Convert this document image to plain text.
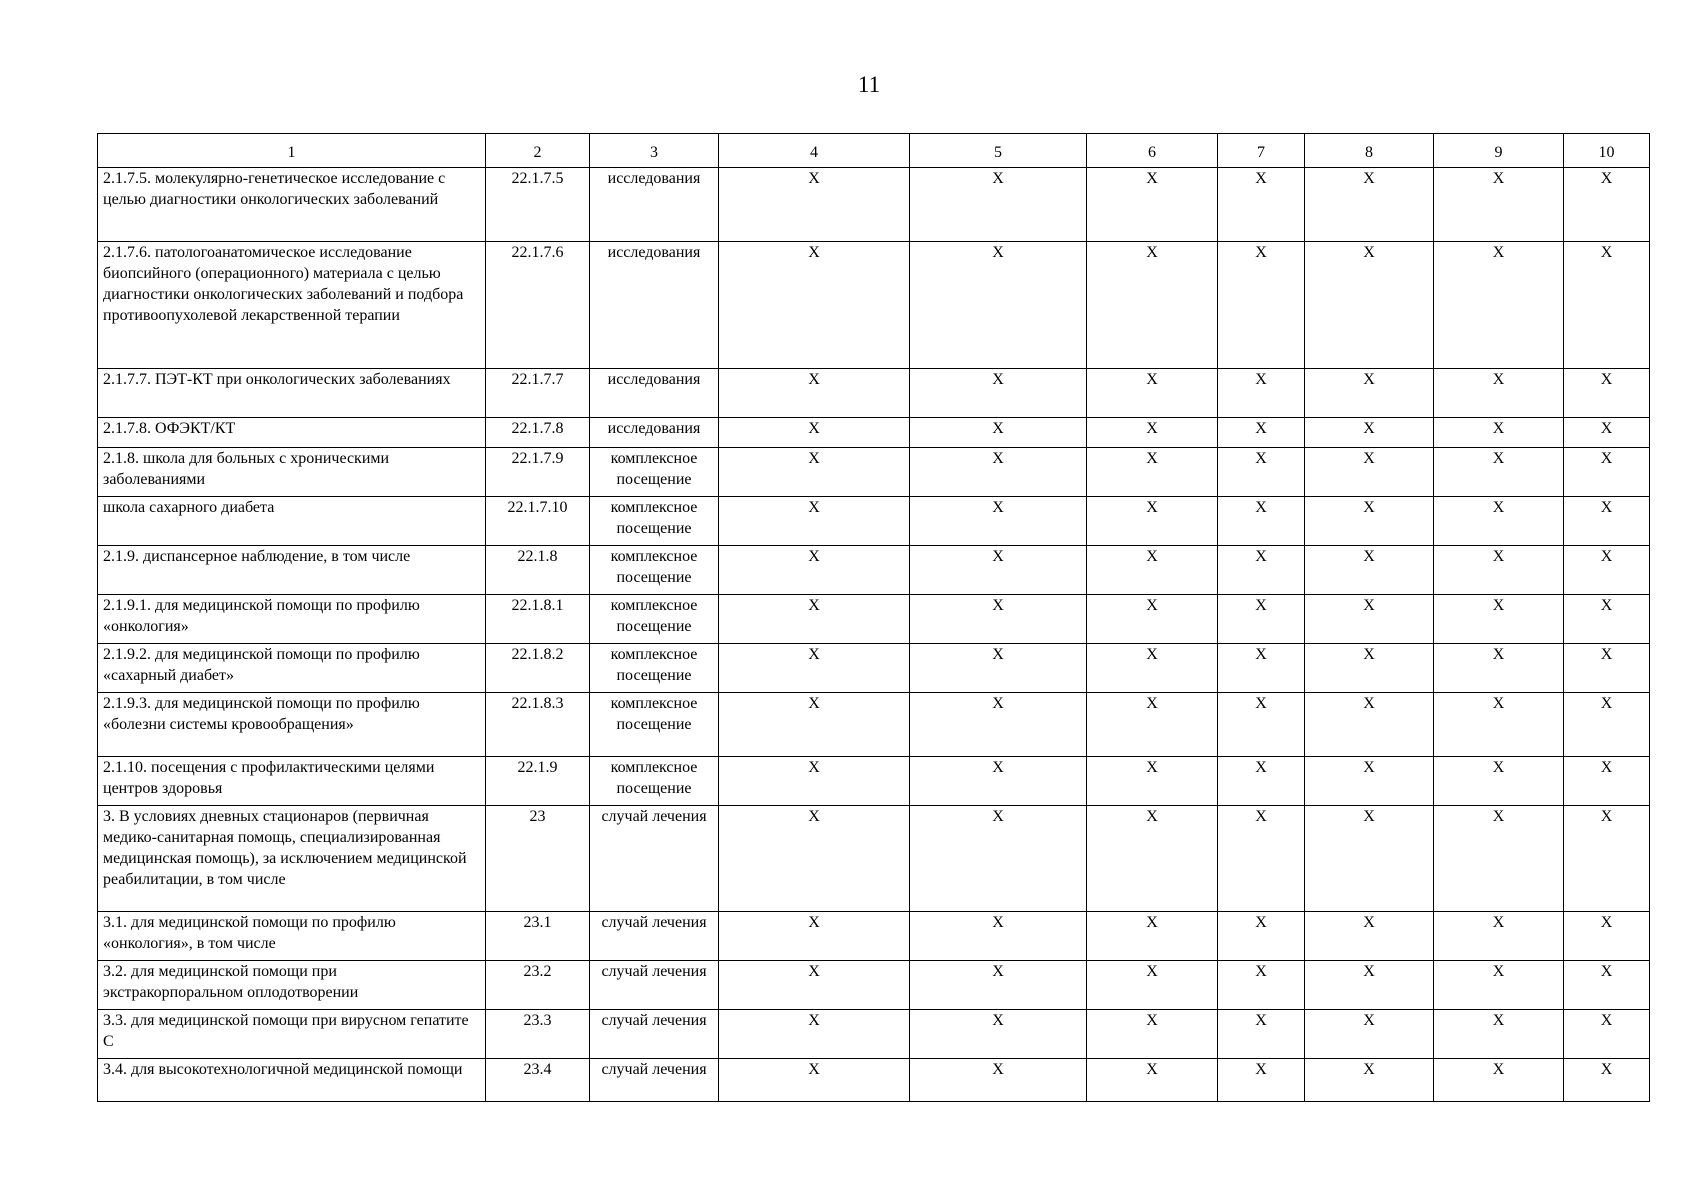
11
1	2	3	4	5	6	7	8	9	10
2.1.7.5. молекулярно-генетическое исследование с целью диагностики онкологических заболеваний	22.1.7.5	исследования	X	X	X	X	X	X	X
2.1.7.6. патологоанатомическое исследование биопсийного (операционного) материала с целью диагностики онкологических заболеваний и подбора противоопухолевой лекарственной терапии	22.1.7.6	исследования	X	X	X	X	X	X	X
2.1.7.7. ПЭТ-КТ при онкологических заболеваниях	22.1.7.7	исследования	X	X	X	X	X	X	X
2.1.7.8. ОФЭКТ/КТ	22.1.7.8	исследования	X	X	X	X	X	X	X
2.1.8. школа для больных с хроническими заболеваниями	22.1.7.9	комплексное посещение	X	X	X	X	X	X	X
школа сахарного диабета	22.1.7.10	комплексное посещение	X	X	X	X	X	X	X
2.1.9. диспансерное наблюдение, в том числе	22.1.8	комплексное посещение	X	X	X	X	X	X	X
2.1.9.1. для медицинской помощи по профилю «онкология»	22.1.8.1	комплексное посещение	X	X	X	X	X	X	X
2.1.9.2. для медицинской помощи по профилю «сахарный диабет»	22.1.8.2	комплексное посещение	X	X	X	X	X	X	X
2.1.9.3. для медицинской помощи по профилю «болезни системы кровообращения»	22.1.8.3	комплексное посещение	X	X	X	X	X	X	X
2.1.10. посещения с профилактическими целями центров здоровья	22.1.9	комплексное посещение	X	X	X	X	X	X	X
3. В условиях дневных стационаров (первичная медико-санитарная помощь, специализированная медицинская помощь), за исключением медицинской реабилитации, в том числе	23	случай лечения	X	X	X	X	X	X	X
3.1. для медицинской помощи по профилю «онкология», в том числе	23.1	случай лечения	X	X	X	X	X	X	X
3.2. для медицинской помощи при экстракорпоральном оплодотворении	23.2	случай лечения	X	X	X	X	X	X	X
3.3. для медицинской помощи при вирусном гепатите С	23.3	случай лечения	X	X	X	X	X	X	X
3.4. для высокотехнологичной медицинской помощи	23.4	случай лечения	X	X	X	X	X	X	X
